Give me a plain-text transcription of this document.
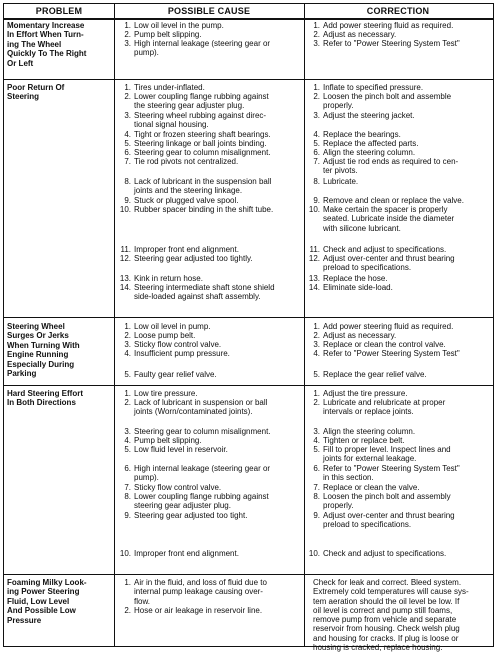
PROBLEM	POSSIBLE CAUSE	CORRECTION
Momentary Increase
In Effort When Turn-
ing The Wheel
Quickly To The Right
Or Left
1. Low oil level in the pump.
2. Pump belt slipping.
3. High internal leakage (steering gear or
pump).
1. Add power steering fluid as required.
2. Adjust as necessary.
3. Refer to "Power Steering System Test"
Poor Return Of
Steering
1. Tires under-inflated.
2. Lower coupling flange rubbing against
the steering gear adjuster plug.
3. Steering wheel rubbing against direc-
tional signal housing.
4. Tight or frozen steering shaft bearings.
5. Steering linkage or ball joints binding.
6. Steering gear to column misalignment.
7. Tie rod pivots not centralized.
8. Lack of lubricant in the suspension ball
joints and the steering linkage.
9. Stuck or plugged valve spool.
10. Rubber spacer binding in the shift tube.
11. Improper front end alignment.
12. Steering gear adjusted too tightly.
13. Kink in return hose.
14. Steering intermediate shaft stone shield
side-loaded against shaft assembly.
1. Inflate to specified pressure.
2. Loosen the pinch bolt and assemble
properly.
3. Adjust the steering jacket.
4. Replace the bearings.
5. Replace the affected parts.
6. Align the steering column.
7. Adjust tie rod ends as required to cen-
ter pivots.
8. Lubricate.
9. Remove and clean or replace the valve.
10. Make certain the spacer is properly
seated. Lubricate inside the diameter
with silicone lubricant.
11. Check and adjust to specifications.
12. Adjust over-center and thrust bearing
preload to specifications.
13. Replace the hose.
14. Eliminate side-load.
Steering Wheel
Surges Or Jerks
When Turning With
Engine Running
Especially During
Parking
1. Low oil level in pump.
2. Loose pump belt.
3. Sticky flow control valve.
4. Insufficient pump pressure.
5. Faulty gear relief valve.
1. Add power steering fluid as required.
2. Adjust as necessary.
3. Replace or clean the control valve.
4. Refer to "Power Steering System Test"
5. Replace the gear relief valve.
Hard Steering Effort
In Both Directions
1. Low tire pressure.
2. Lack of lubricant in suspension or ball
joints (Worn/contaminated joints).
3. Steering gear to column misalignment.
4. Pump belt slipping.
5. Low fluid level in reservoir.
6. High internal leakage (steering gear or
pump).
7. Sticky flow control valve.
8. Lower coupling flange rubbing against
steering gear adjuster plug.
9. Steering gear adjusted too tight.
10. Improper front end alignment.
1. Adjust the tire pressure.
2. Lubricate and relubricate at proper
intervals or replace joints.
3. Align the steering column.
4. Tighten or replace belt.
5. Fill to proper level. Inspect lines and
joints for external leakage.
6. Refer to "Power Steering System Test"
in this section.
7. Replace or clean the valve.
8. Loosen the pinch bolt and assembly
properly.
9. Adjust over-center and thrust bearing
preload to specifications.
10. Check and adjust to specifications.
Foaming Milky Look-
ing Power Steering
Fluid, Low Level
And Possible Low
Pressure
1. Air in the fluid, and loss of fluid due to
internal pump leakage causing over-
flow.
2. Hose or air leakage in reservoir line.
Check for leak and correct. Bleed system.
Extremely cold temperatures will cause sys-
tem aeration should the oil level be low. If
oil level is correct and pump still foams,
remove pump from vehicle and separate
reservoir from housing. Check welsh plug
and housing for cracks. If plug is loose or
housing is cracked, replace housing.
